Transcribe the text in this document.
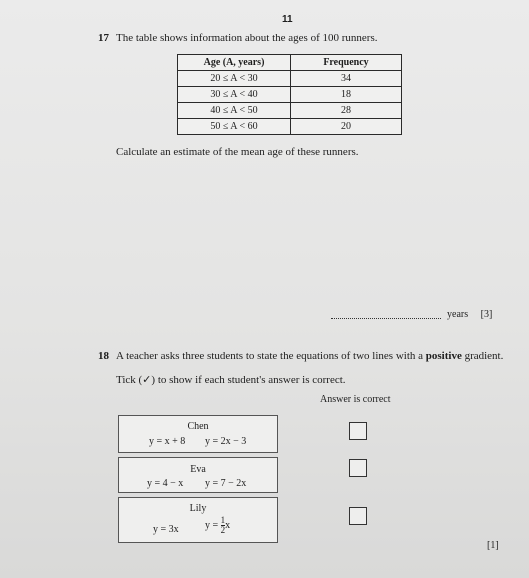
11
17 The table shows information about the ages of 100 runners.
Age (A, years)	Frequency
20 ≤ A < 30	34
30 ≤ A < 40	18
40 ≤ A < 50	28
50 ≤ A < 60	20
Calculate an estimate of the mean age of these runners.
years [3]
18 A teacher asks three students to state the equations of two lines with a positive gradient.
Tick (✓) to show if each student's answer is correct.
Answer is correct
Chen
y = x + 8 y = 2x − 3
Eva
y = 4 − x y = 7 − 2x
Lily
y = 3x	$y = \frac{1}{2}$ x
[1]
